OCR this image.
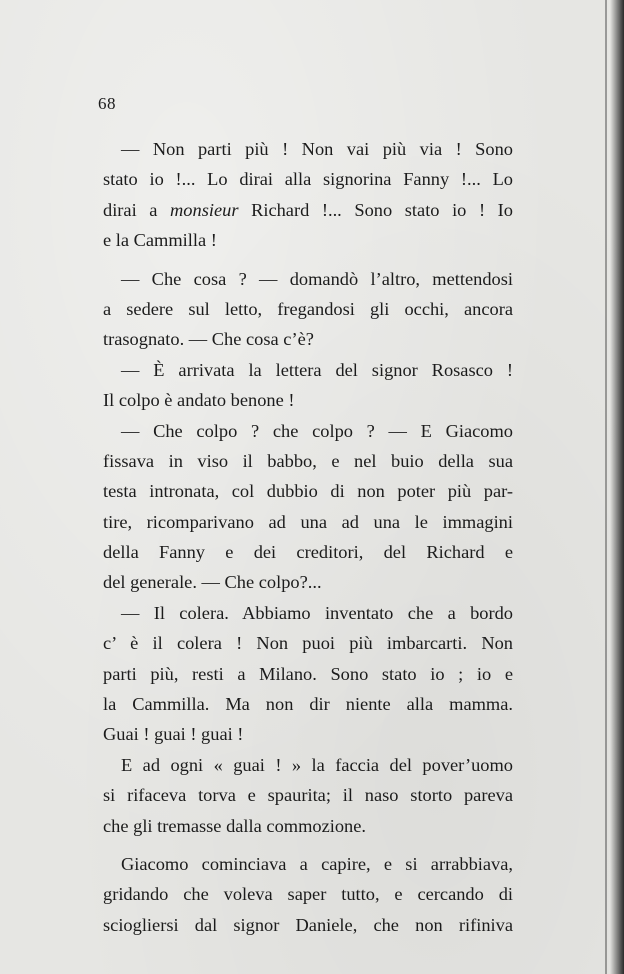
68
— Non parti più ! Non vai più via ! Sono
stato io !... Lo dirai alla signorina Fanny !... Lo
dirai a monsieur Richard !... Sono stato io ! Io
e la Cammilla !
— Che cosa ? — domandò l’altro, mettendosi
a sedere sul letto, fregandosi gli occhi, ancora
trasognato. — Che cosa c’è?
— È arrivata la lettera del signor Rosasco !
Il colpo è andato benone !
— Che colpo ? che colpo ? — E Giacomo
fissava in viso il babbo, e nel buio della sua
testa intronata, col dubbio di non poter più par-
tire, ricomparivano ad una ad una le immagini
della Fanny e dei creditori, del Richard e
del generale. — Che colpo?...
— Il colera. Abbiamo inventato che a bordo
c’ è il colera ! Non puoi più imbarcarti. Non
parti più, resti a Milano. Sono stato io ; io e
la Cammilla. Ma non dir niente alla mamma.
Guai ! guai ! guai !
E ad ogni « guai ! » la faccia del pover’uomo
si rifaceva torva e spaurita; il naso storto pareva
che gli tremasse dalla commozione.
Giacomo cominciava a capire, e si arrabbiava,
gridando che voleva saper tutto, e cercando di
sciogliersi dal signor Daniele, che non rifiniva
